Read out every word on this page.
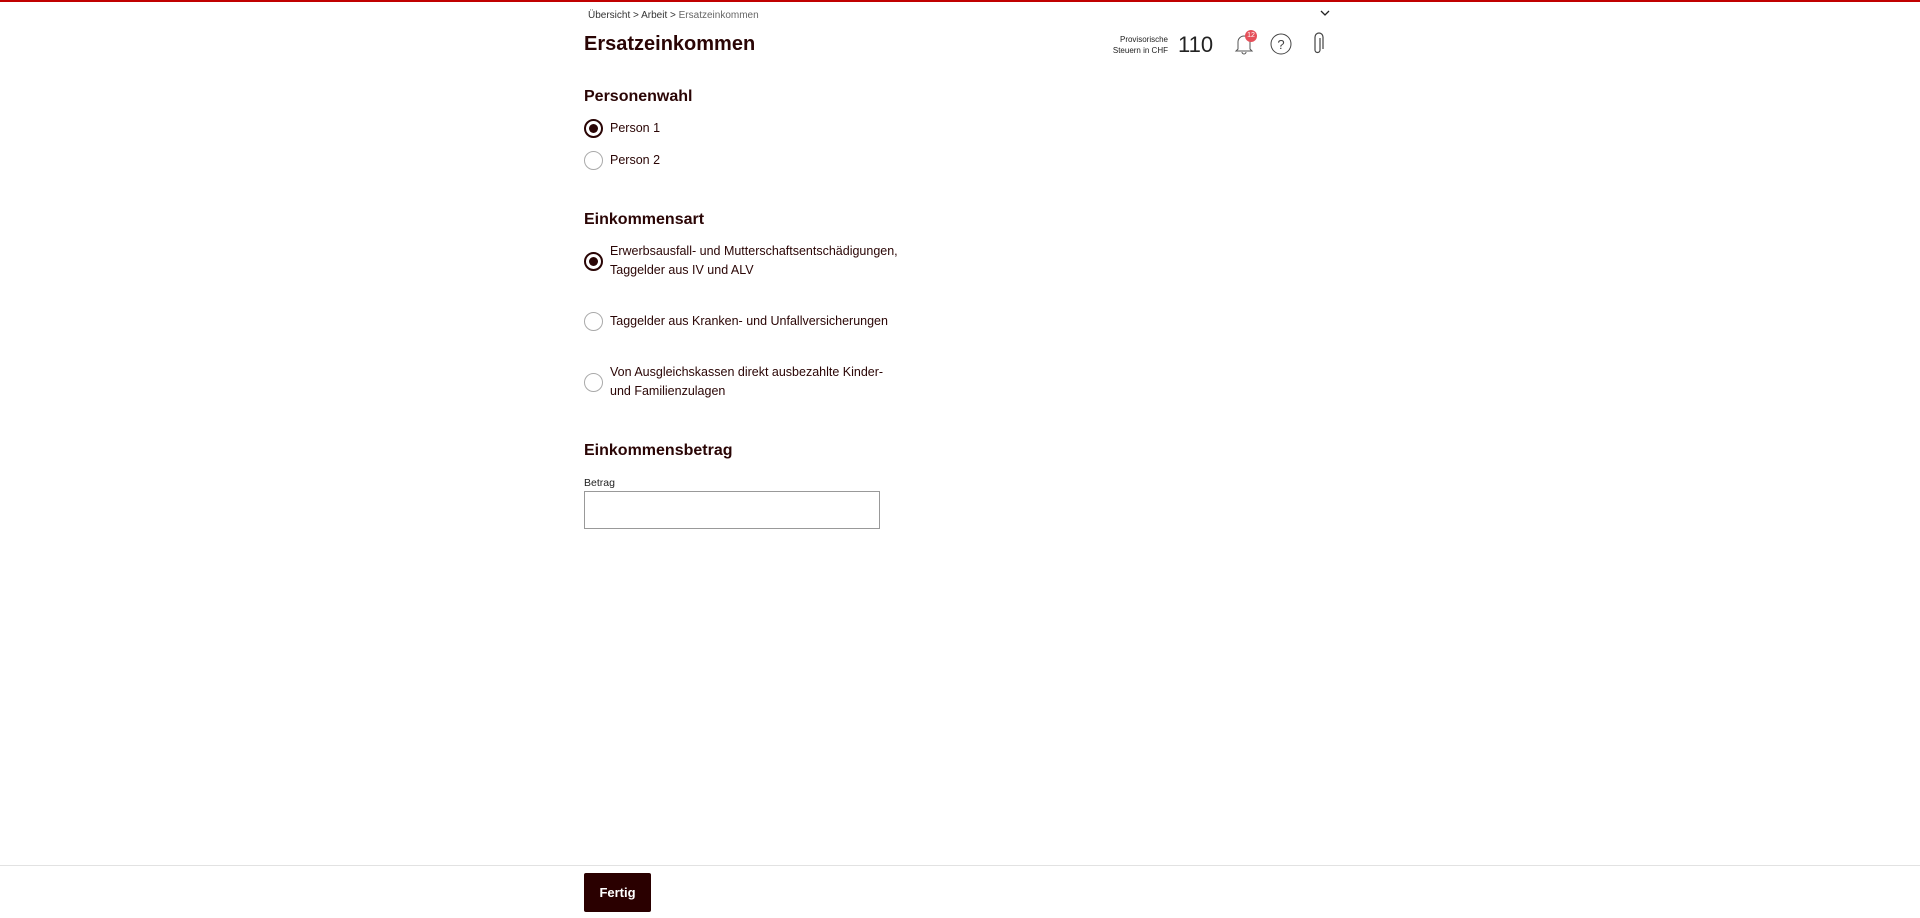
Übersicht > Arbeit > Ersatzeinkommen
Ersatzeinkommen	Provisorische
Steuern in CHF 110	12
?
Personenwahl
Person 1
Person 2
Einkommensart
Erwerbsausfall- und Mutterschaftsentschädigungen, Taggelder aus IV und ALV
Taggelder aus Kranken- und Unfallversicherungen
Von Ausgleichskassen direkt ausbezahlte Kinder- und Familienzulagen
Einkommensbetrag
Betrag
Fertig
